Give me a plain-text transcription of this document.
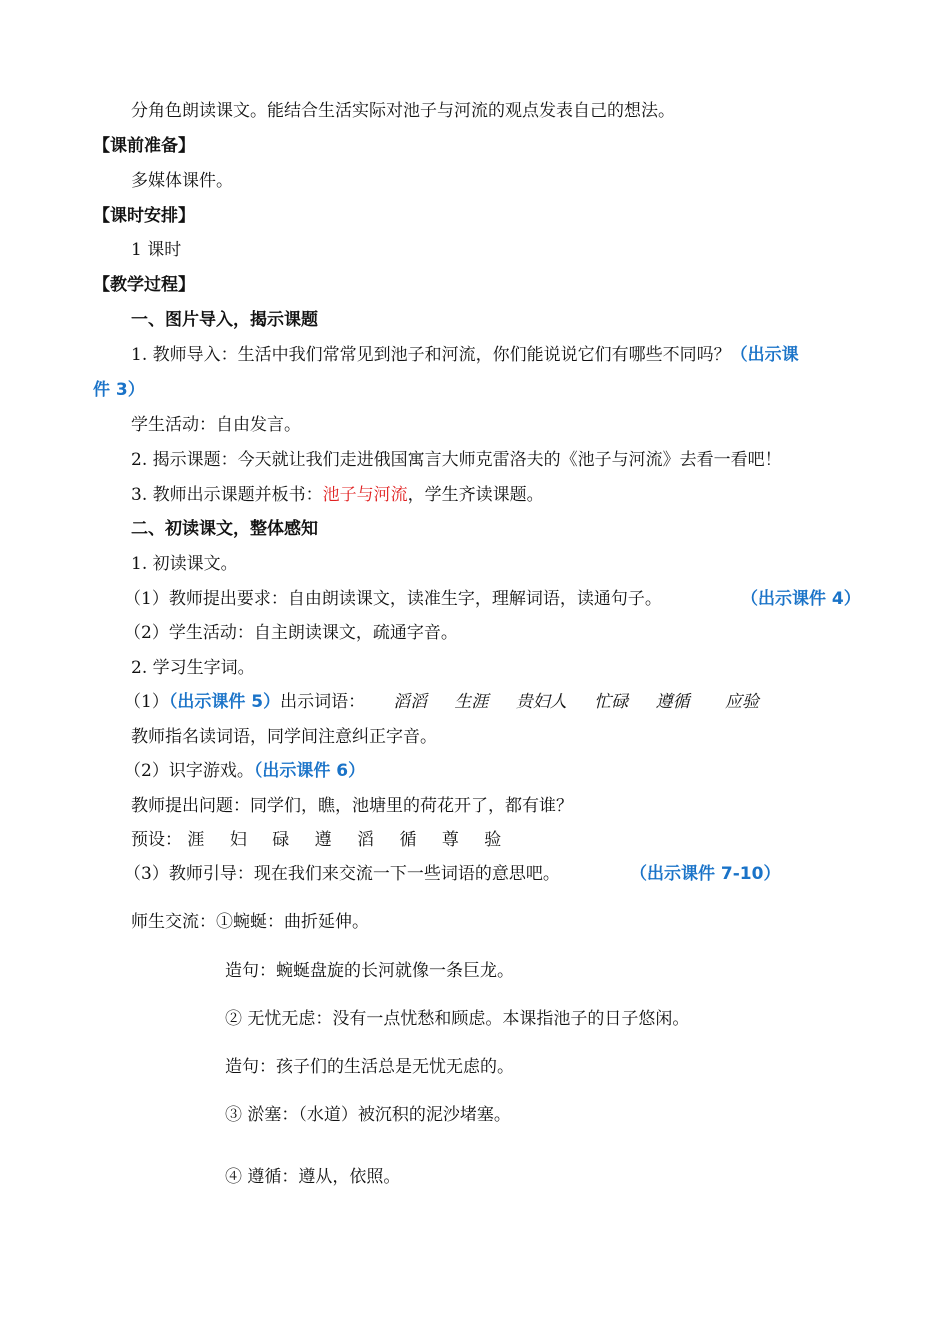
分角色朗读课文。能结合生活实际对池子与河流的观点发表自己的想法。
【课前准备】
多媒体课件。
【课时安排】
1 课时
【教学过程】
一、图片导入，揭示课题
1. 教师导入：生活中我们常常见到池子和河流，你们能说说它们有哪些不同吗？（出示课
件 3）
学生活动：自由发言。
2. 揭示课题：今天就让我们走进俄国寓言大师克雷洛夫的《池子与河流》去看一看吧！
3. 教师出示课题并板书：池子与河流，学生齐读课题。
二、初读课文，整体感知
1. 初读课文。
（1）教师提出要求：自由朗读课文，读准生字，理解词语，读通句子。	（出示课件 4）
（2）学生活动：自主朗读课文，疏通字音。
2. 学习生字词。
（1）（出示课件 5）出示词语： 滔滔 生涯 贵妇人 忙碌 遵循 应验
教师指名读词语，同学间注意纠正字音。
（2）识字游戏。（出示课件 6）
教师提出问题：同学们，瞧，池塘里的荷花开了，都有谁？
预设： 涯 妇 碌 遵 滔 循 尊 验
（3）教师引导：现在我们来交流一下一些词语的意思吧。	（出示课件 7-10）
师生交流：①蜿蜒：曲折延伸。
造句：蜿蜒盘旋的长河就像一条巨龙。
② 无忧无虑：没有一点忧愁和顾虑。本课指池子的日子悠闲。
造句：孩子们的生活总是无忧无虑的。
③ 淤塞：（水道）被沉积的泥沙堵塞。
④ 遵循：遵从，依照。
